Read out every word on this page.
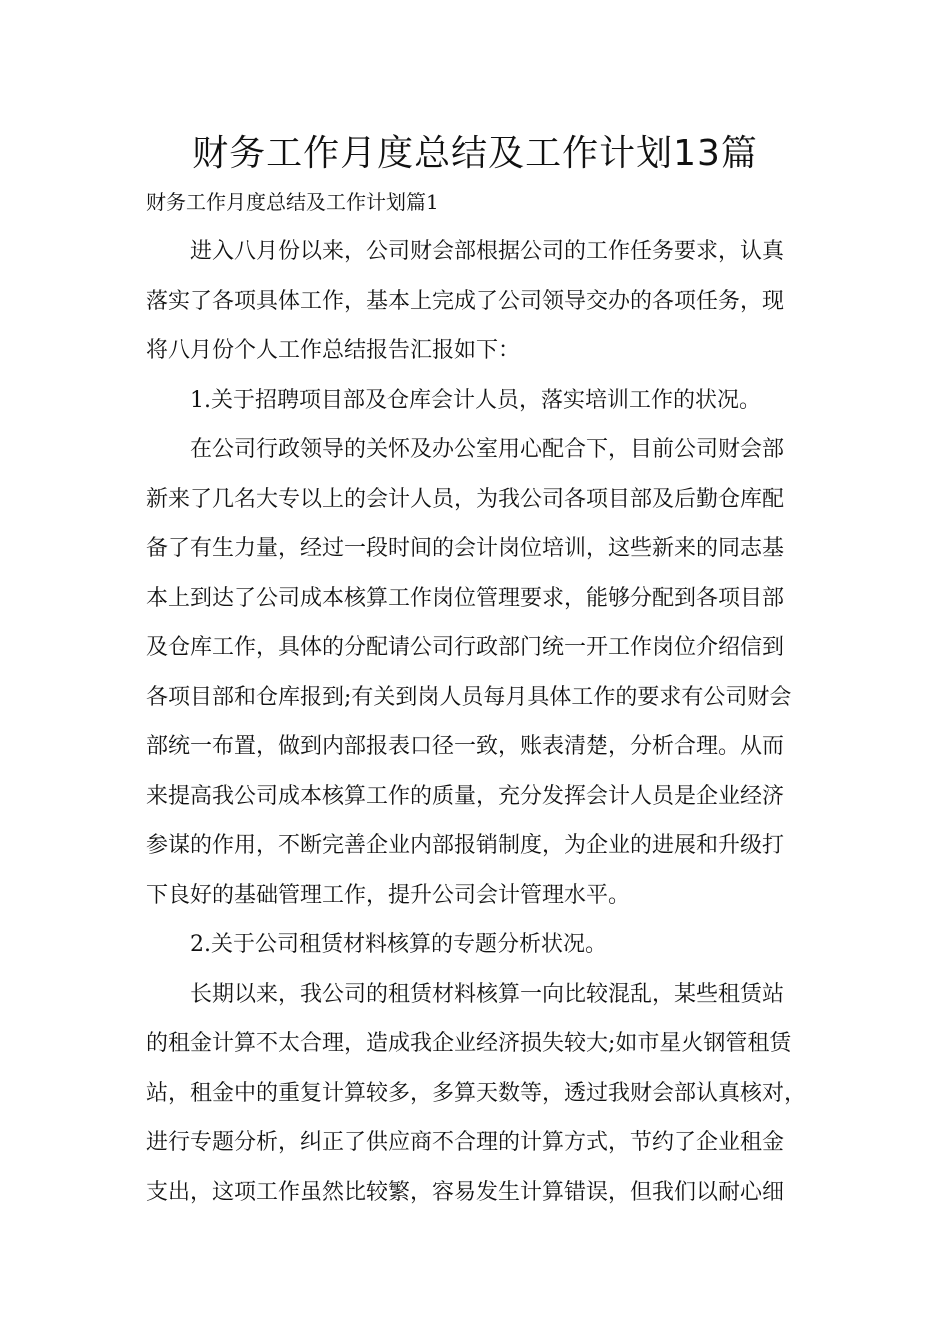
财务工作月度总结及工作计划13篇

财务工作月度总结及工作计划篇1

进入八月份以来，公司财会部根据公司的工作任务要求，认真

落实了各项具体工作，基本上完成了公司领导交办的各项任务，现

将八月份个人工作总结报告汇报如下：

1.关于招聘项目部及仓库会计人员，落实培训工作的状况。

在公司行政领导的关怀及办公室用心配合下，目前公司财会部

新来了几名大专以上的会计人员，为我公司各项目部及后勤仓库配

备了有生力量，经过一段时间的会计岗位培训，这些新来的同志基

本上到达了公司成本核算工作岗位管理要求，能够分配到各项目部

及仓库工作，具体的分配请公司行政部门统一开工作岗位介绍信到

各项目部和仓库报到;有关到岗人员每月具体工作的要求有公司财会

部统一布置，做到内部报表口径一致，账表清楚，分析合理。从而

来提高我公司成本核算工作的质量，充分发挥会计人员是企业经济

参谋的作用，不断完善企业内部报销制度，为企业的进展和升级打

下良好的基础管理工作，提升公司会计管理水平。

2.关于公司租赁材料核算的专题分析状况。

长期以来，我公司的租赁材料核算一向比较混乱，某些租赁站

的租金计算不太合理，造成我企业经济损失较大;如市星火钢管租赁

站，租金中的重复计算较多，多算天数等，透过我财会部认真核对，

进行专题分析，纠正了供应商不合理的计算方式，节约了企业租金

支出，这项工作虽然比较繁，容易发生计算错误，但我们以耐心细
